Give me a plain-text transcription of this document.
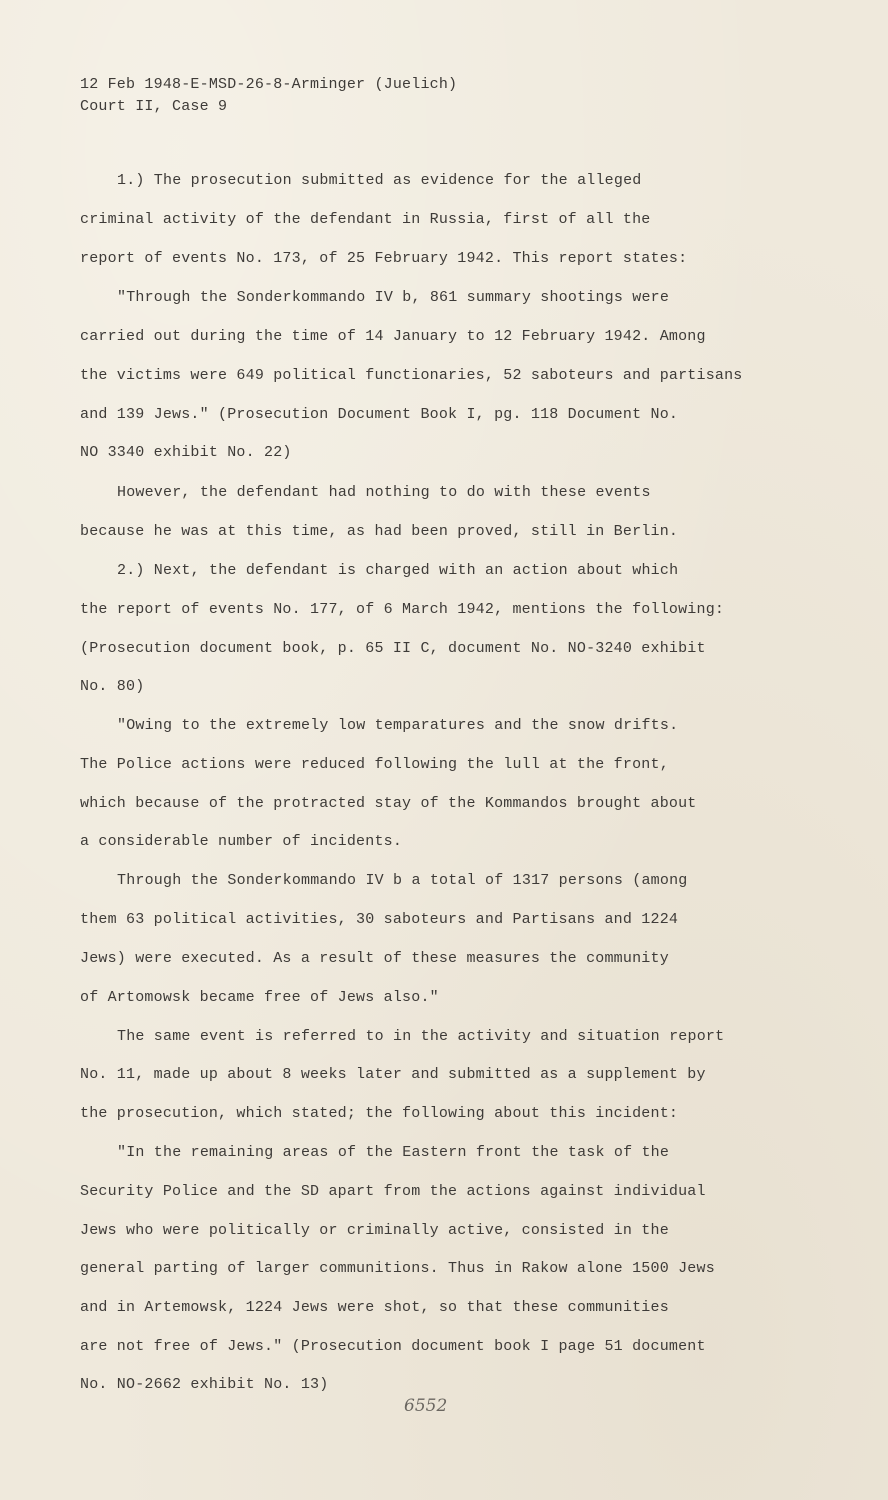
12 Feb 1948-E-MSD-26-8-Arminger (Juelich)
Court II, Case 9
1.) The prosecution submitted as evidence for the alleged
criminal activity of the defendant in Russia, first of all the
report of events No. 173, of 25 February 1942. This report states:
"Through the Sonderkommando IV b, 861 summary shootings were
carried out during the time of 14 January to 12 February 1942. Among
the victims were 649 political functionaries, 52 saboteurs and partisans
and 139 Jews." (Prosecution Document Book I, pg. 118 Document No.
NO 3340 exhibit No. 22)
However, the defendant had nothing to do with these events
because he was at this time, as had been proved, still in Berlin.
2.) Next, the defendant is charged with an action about which
the report of events No. 177, of 6 March 1942, mentions the following:
(Prosecution document book, p. 65 II C, document No. NO-3240 exhibit
No. 80)
"Owing to the extremely low temparatures and the snow drifts.
The Police actions were reduced following the lull at the front,
which because of the protracted stay of the Kommandos brought about
a considerable number of incidents.
Through the Sonderkommando IV b a total of 1317 persons (among
them 63 political activities, 30 saboteurs and Partisans and 1224
Jews) were executed. As a result of these measures the community
of Artomowsk became free of Jews also."
The same event is referred to in the activity and situation report
No. 11, made up about 8 weeks later and submitted as a supplement by
the prosecution, which stated; the following about this incident:
"In the remaining areas of the Eastern front the task of the
Security Police and the SD apart from the actions against individual
Jews who were politically or criminally active, consisted in the
general parting of larger communitions. Thus in Rakow alone 1500 Jews
and in Artemowsk, 1224 Jews were shot, so that these communities
are not free of Jews." (Prosecution document book I page 51 document
No. NO-2662 exhibit No. 13)
6552
